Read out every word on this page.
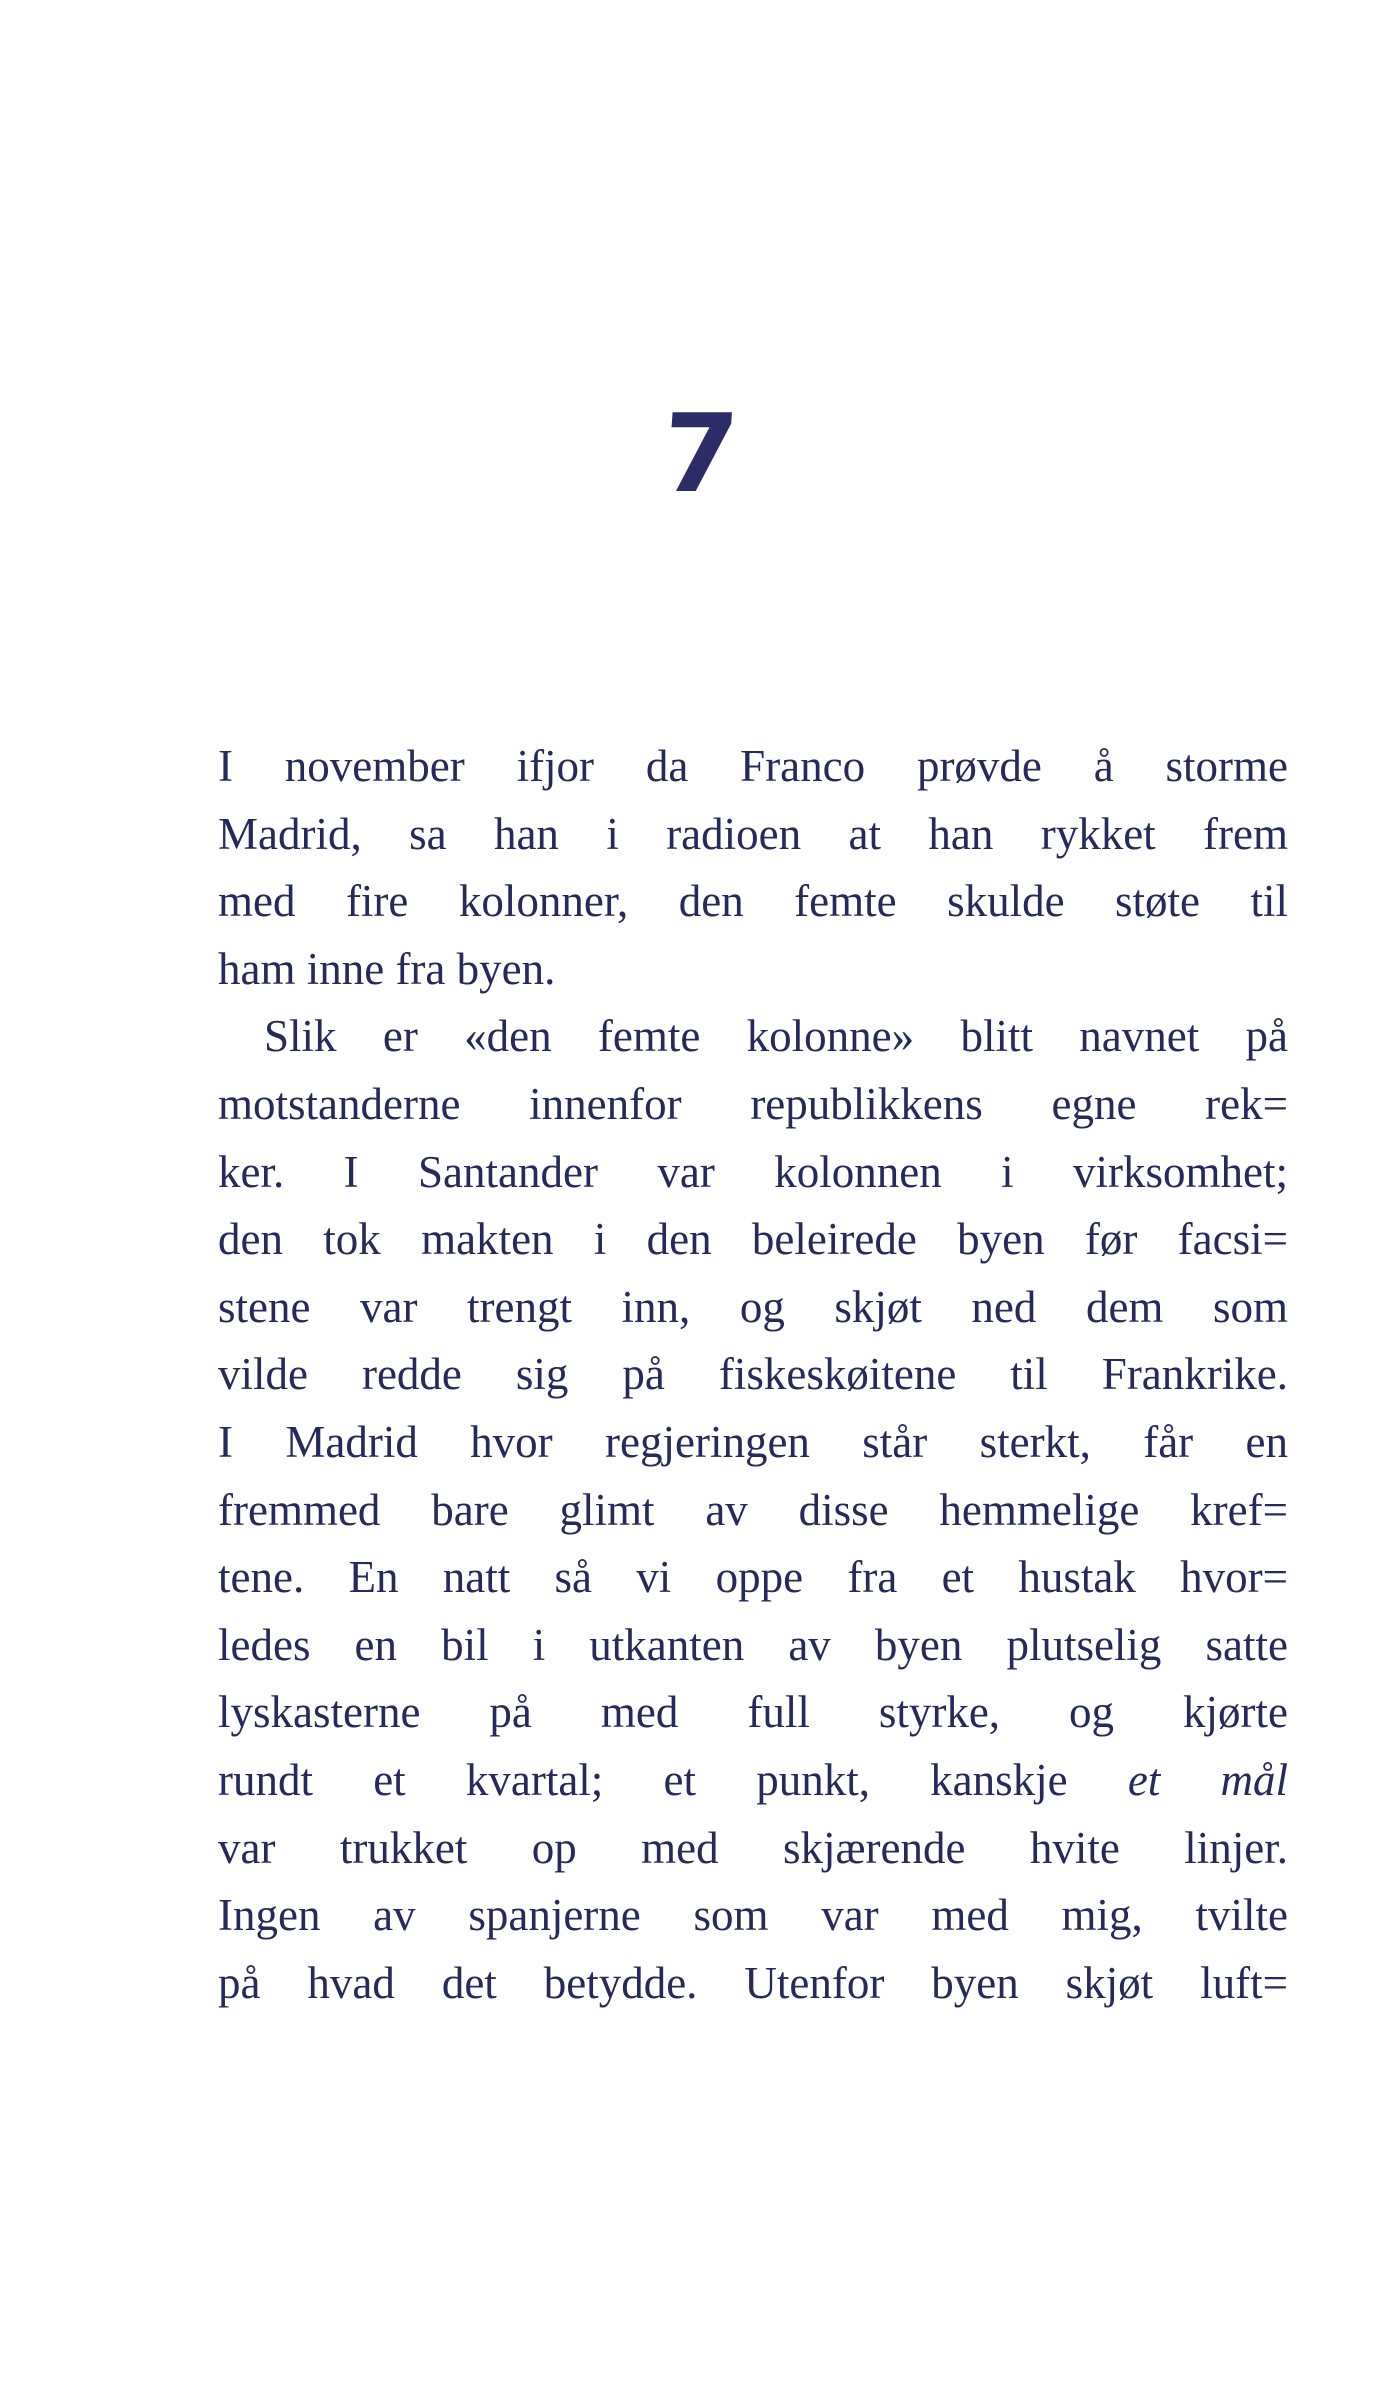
7
I november ifjor da Franco prøvde å storme
Madrid, sa han i radioen at han rykket frem
med fire kolonner, den femte skulde støte til
ham inne fra byen.
Slik er «den femte kolonne» blitt navnet på
motstanderne innenfor republikkens egne rek=
ker. I Santander var kolonnen i virksomhet;
den tok makten i den beleirede byen før facsi=
stene var trengt inn, og skjøt ned dem som
vilde redde sig på fiskeskøitene til Frankrike.
I Madrid hvor regjeringen står sterkt, får en
fremmed bare glimt av disse hemmelige kref=
tene. En natt så vi oppe fra et hustak hvor=
ledes en bil i utkanten av byen plutselig satte
lyskasterne på med full styrke, og kjørte
rundt et kvartal; et punkt, kanskje et mål
var trukket op med skjærende hvite linjer.
Ingen av spanjerne som var med mig, tvilte
på hvad det betydde. Utenfor byen skjøt luft=
